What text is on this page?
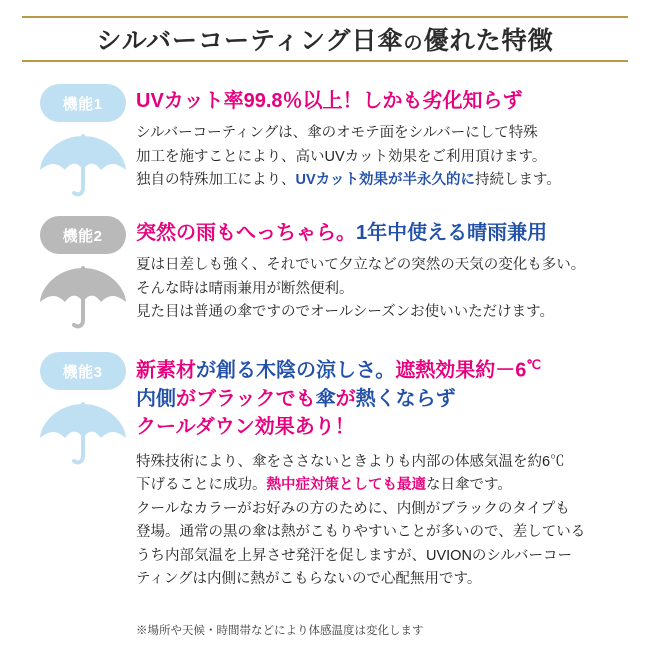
シルバーコーティング日傘の優れた特徴
機能1	UVカット率99.8％以上！しかも劣化知らず

シルバーコーティングは、傘のオモテ面をシルバーにして特殊

加工を施すことにより、高いUVカット効果をご利用頂けます。

独自の特殊加工により、UVカット効果が半永久的に持続します。

機能2	突然の雨もへっちゃら。1年中使える晴雨兼用

夏は日差しも強く、それでいて夕立などの突然の天気の変化も多い。

そんな時は晴雨兼用が断然便利。

見た目は普通の傘ですのでオールシーズンお使いいただけます。

機能3	新素材が創る木陰の涼しさ。遮熱効果約－6℃
内側がブラックでも傘が熱くならず
クールダウン効果あり！

特殊技術により、傘をささないときよりも内部の体感気温を約6℃

下げることに成功。熱中症対策としても最適な日傘です。

クールなカラーがお好みの方のために、内側がブラックのタイプも

登場。通常の黒の傘は熱がこもりやすいことが多いので、差している

うち内部気温を上昇させ発汗を促しますが、UVIONのシルバーコー

ティングは内側に熱がこもらないので心配無用です。

※場所や天候・時間帯などにより体感温度は変化します
